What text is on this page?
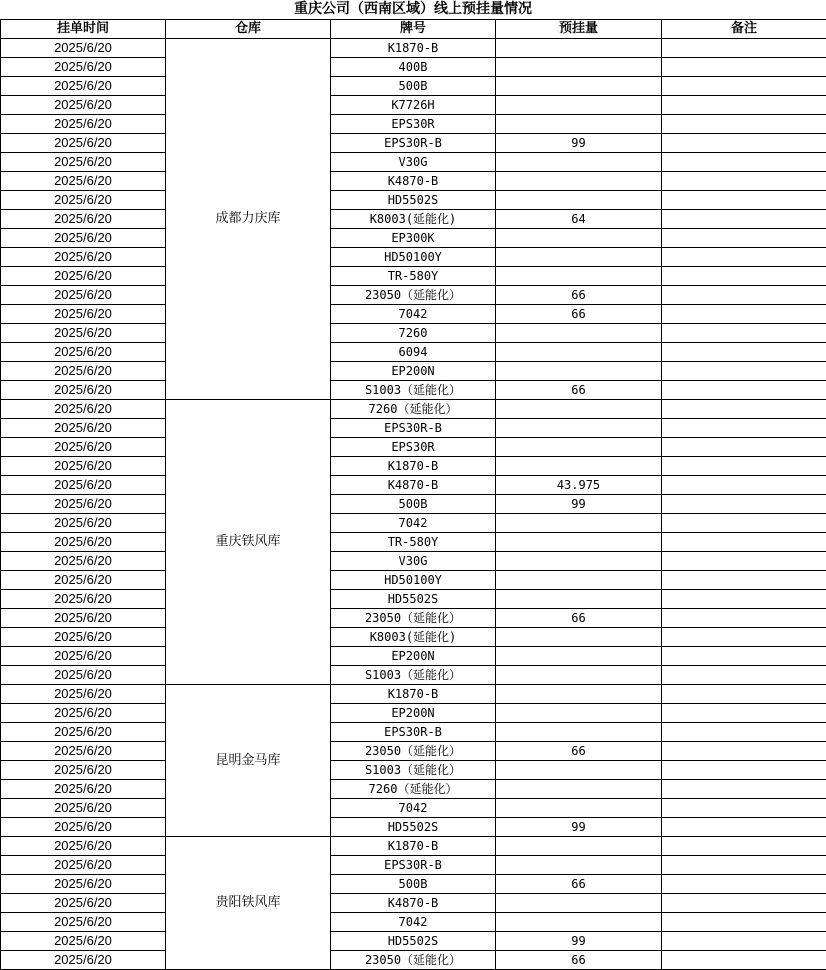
重庆公司（西南区域）线上预挂量情况
挂单时间	仓库	牌号	预挂量	备注
2025/6/20	成都力庆库	K1870-B		
2025/6/20		400B		
2025/6/20		500B		
2025/6/20		K7726H		
2025/6/20		EPS30R		
2025/6/20		EPS30R-B	99	
2025/6/20		V30G		
2025/6/20		K4870-B		
2025/6/20		HD5502S		
2025/6/20		K8003(延能化)	64	
2025/6/20		EP300K		
2025/6/20		HD50100Y		
2025/6/20		TR-580Y		
2025/6/20		23050（延能化）	66	
2025/6/20		7042	66	
2025/6/20		7260		
2025/6/20		6094		
2025/6/20		EP200N		
2025/6/20		S1003（延能化）	66	
2025/6/20	重庆铁风库	7260（延能化）		
2025/6/20		EPS30R-B		
2025/6/20		EPS30R		
2025/6/20		K1870-B		
2025/6/20		K4870-B	43.975	
2025/6/20		500B	99	
2025/6/20		7042		
2025/6/20		TR-580Y		
2025/6/20		V30G		
2025/6/20		HD50100Y		
2025/6/20		HD5502S		
2025/6/20		23050（延能化）	66	
2025/6/20		K8003(延能化)		
2025/6/20		EP200N		
2025/6/20		S1003（延能化）		
2025/6/20	昆明金马库	K1870-B		
2025/6/20		EP200N		
2025/6/20		EPS30R-B		
2025/6/20		23050（延能化）	66	
2025/6/20		S1003（延能化）		
2025/6/20		7260（延能化）		
2025/6/20		7042		
2025/6/20		HD5502S	99	
2025/6/20	贵阳铁风库	K1870-B		
2025/6/20		EPS30R-B		
2025/6/20		500B	66	
2025/6/20		K4870-B		
2025/6/20		7042		
2025/6/20		HD5502S	99	
2025/6/20		23050（延能化）	66	
